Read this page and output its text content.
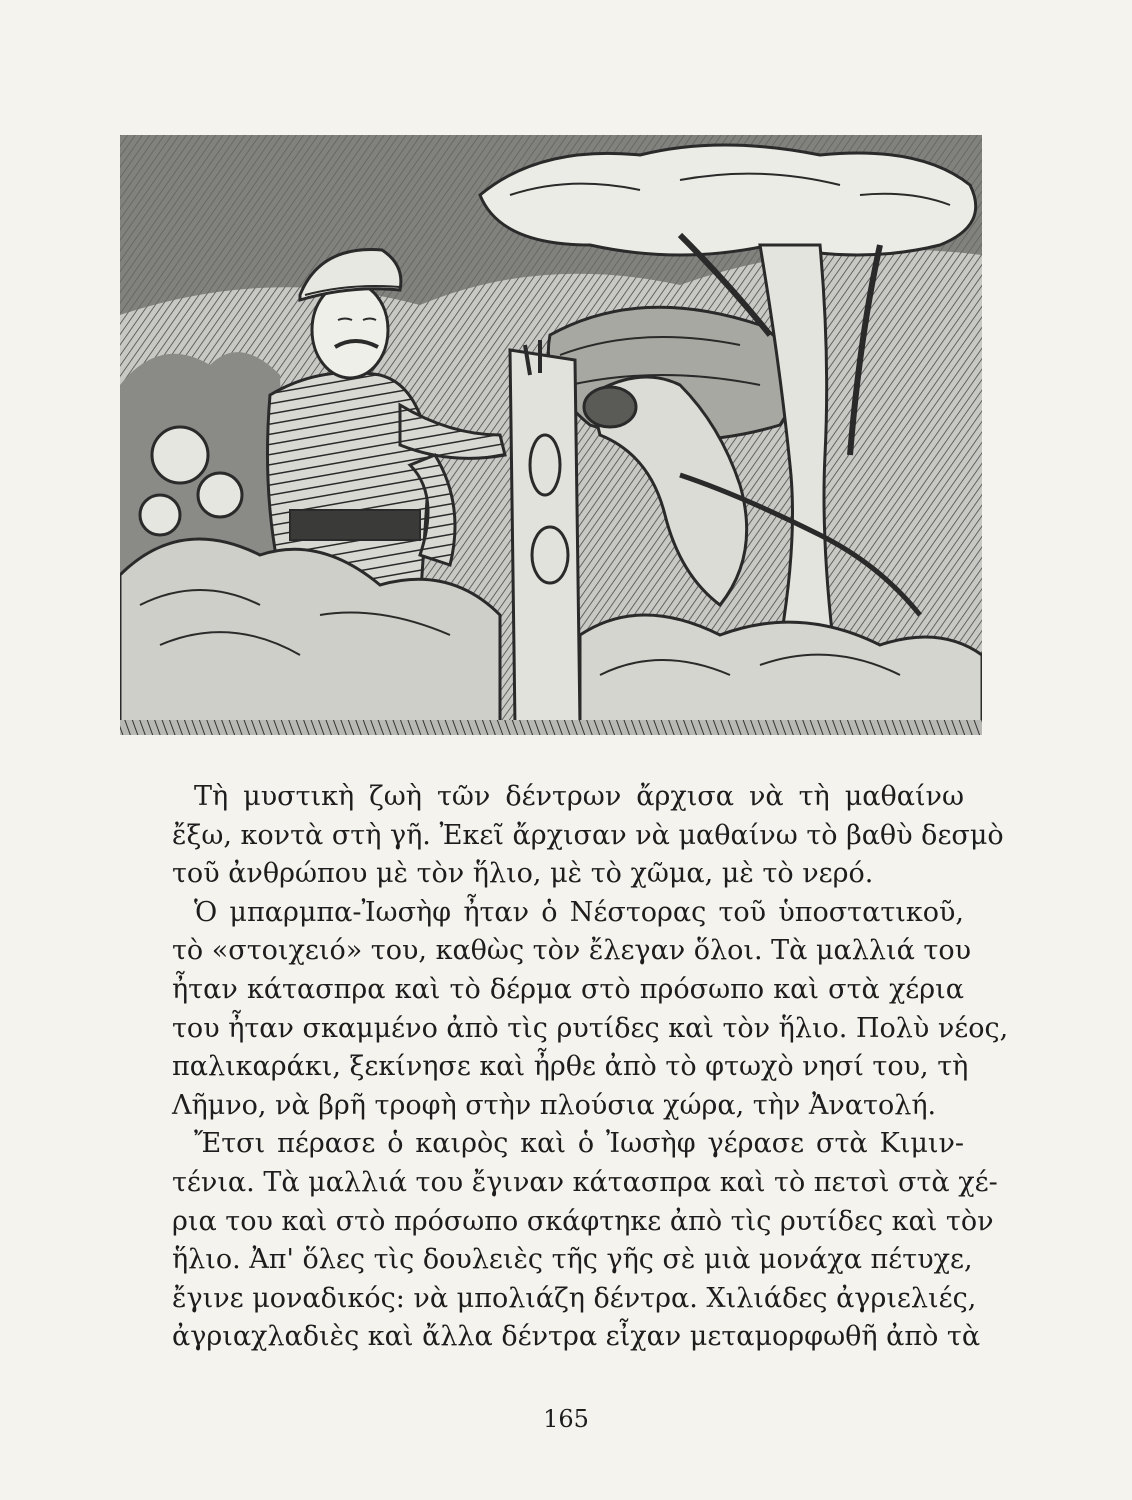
Τὴ μυστικὴ ζωὴ τῶν δέντρων ἄρχισα νὰ τὴ μαθαίνω
ἔξω, κοντὰ στὴ γῆ. Ἐκεῖ ἄρχισαν νὰ μαθαίνω τὸ βαθὺ δεσμὸ
τοῦ ἀνθρώπου μὲ τὸν ἥλιο, μὲ τὸ χῶμα, μὲ τὸ νερό.
Ὁ μπαρμπα-Ἰωσὴφ ἦταν ὁ Νέστορας τοῦ ὑποστατικοῦ,
τὸ «στοιχειό» του, καθὼς τὸν ἔλεγαν ὅλοι. Τὰ μαλλιά του
ἦταν κάτασπρα καὶ τὸ δέρμα στὸ πρόσωπο καὶ στὰ χέρια
του ἦταν σκαμμένο ἀπὸ τὶς ρυτίδες καὶ τὸν ἥλιο. Πολὺ νέος,
παλικαράκι, ξεκίνησε καὶ ἦρθε ἀπὸ τὸ φτωχὸ νησί του, τὴ
Λῆμνο, νὰ βρῆ τροφὴ στὴν πλούσια χώρα, τὴν Ἀνατολή.
Ἔτσι πέρασε ὁ καιρὸς καὶ ὁ Ἰωσὴφ γέρασε στὰ Κιμιν-
τένια. Τὰ μαλλιά του ἔγιναν κάτασπρα καὶ τὸ πετσὶ στὰ χέ-
ρια του καὶ στὸ πρόσωπο σκάφτηκε ἀπὸ τὶς ρυτίδες καὶ τὸν
ἥλιο. Ἀπ' ὅλες τὶς δουλειὲς τῆς γῆς σὲ μιὰ μονάχα πέτυχε,
ἔγινε μοναδικός: νὰ μπολιάζη δέντρα. Χιλιάδες ἀγριελιές,
ἀγριαχλαδιὲς καὶ ἄλλα δέντρα εἶχαν μεταμορφωθῆ ἀπὸ τὰ
165
